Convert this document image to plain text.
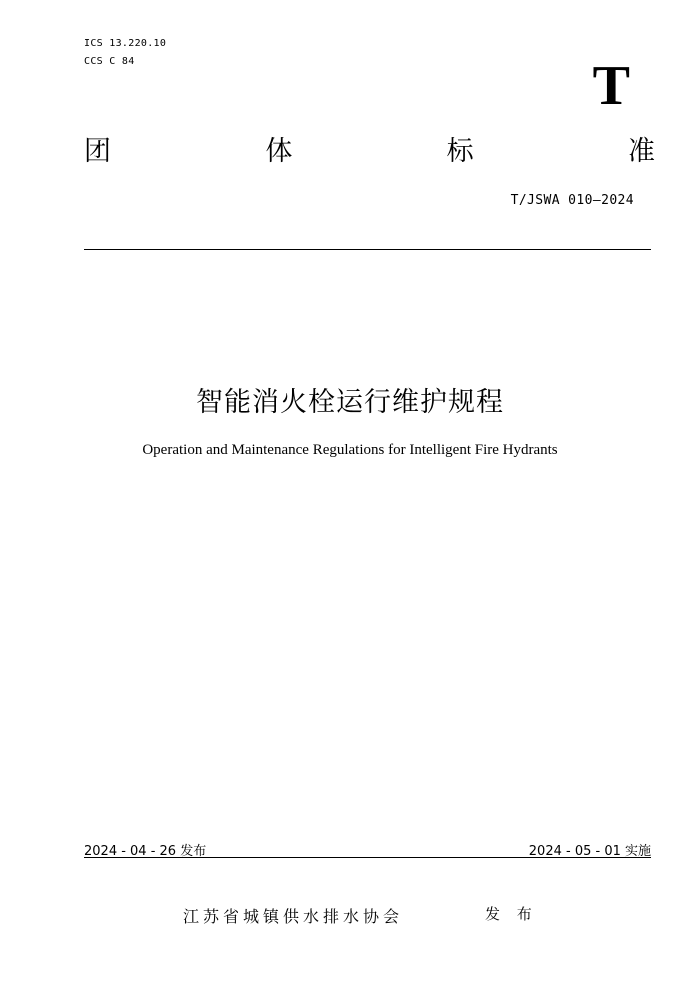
ICS 13.220.10
CCS C 84	T
团	体	标	准
T/JSWA 010—2024
智能消火栓运行维护规程
Operation and Maintenance Regulations for Intelligent Fire Hydrants
2024 - 04 - 26 发布	2024 - 05 - 01 实施
江苏省城镇供水排水协会	发 布
